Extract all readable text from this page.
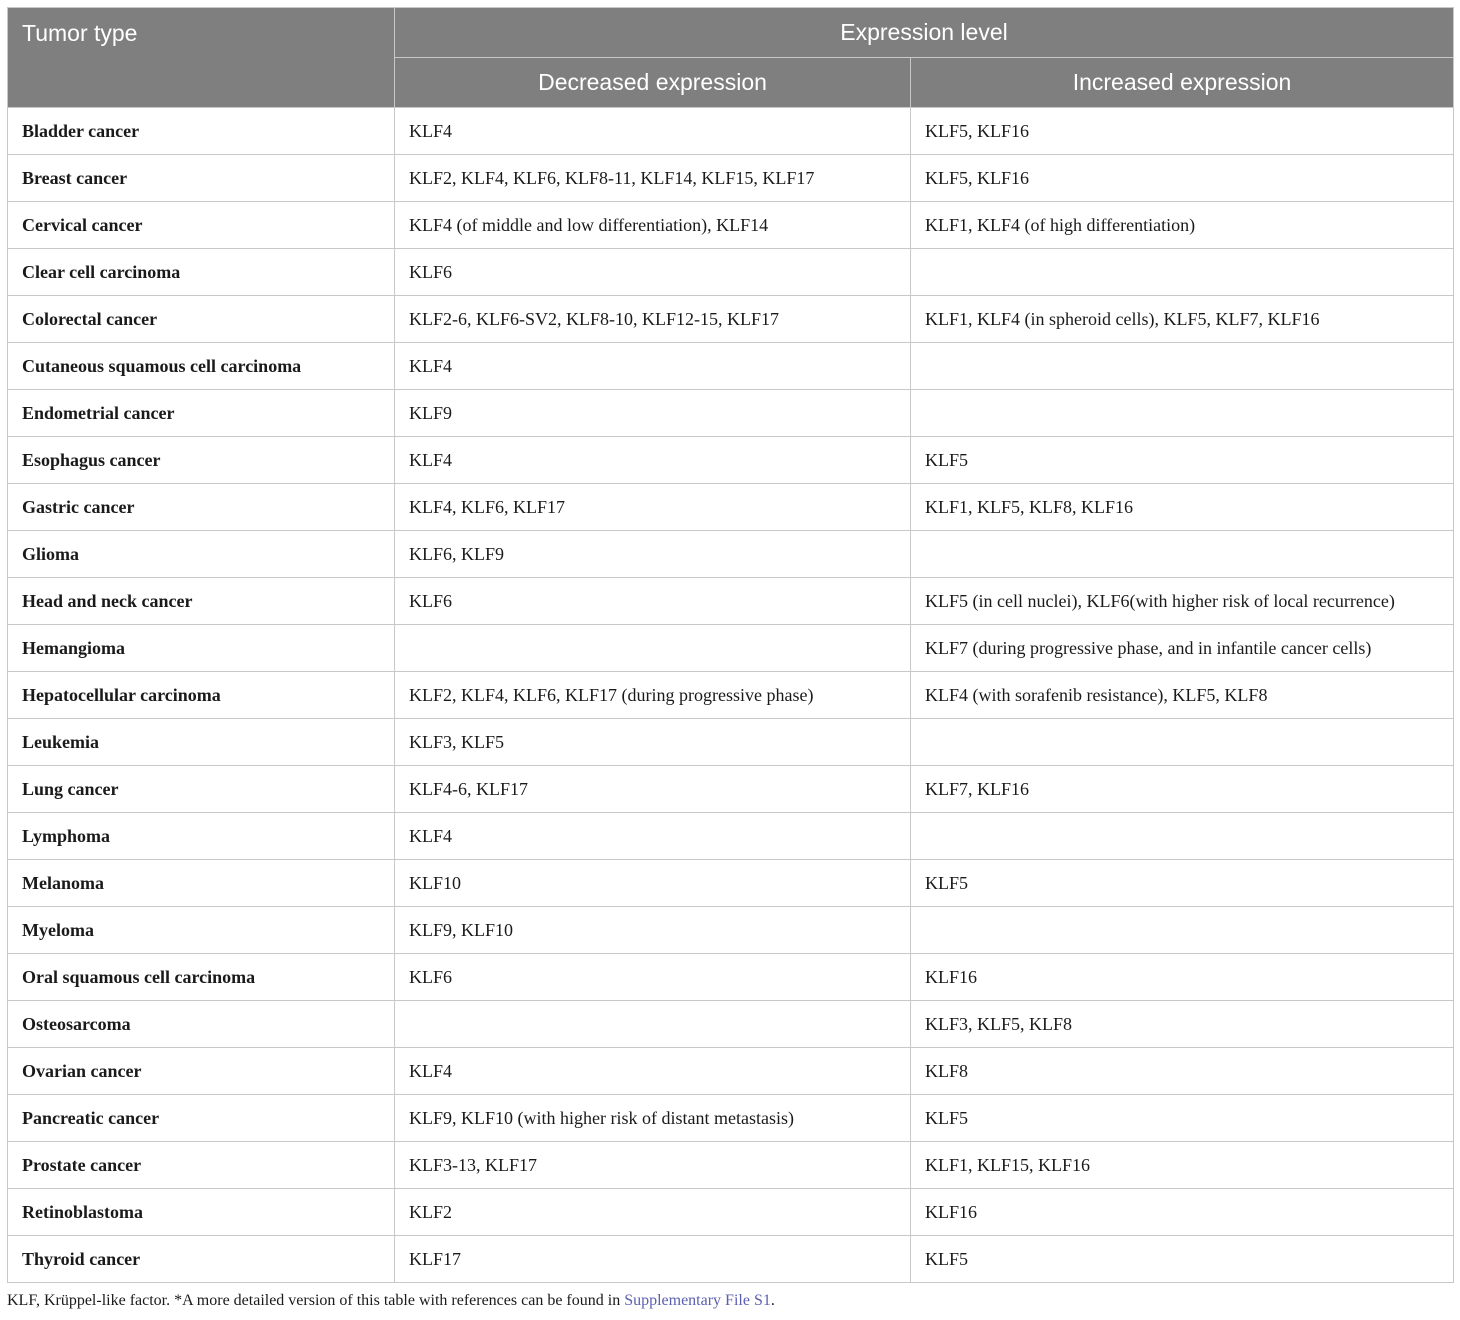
Tumor type	Expression level	
	Decreased expression	Increased expression
Bladder cancer	KLF4	KLF5, KLF16
Breast cancer	KLF2, KLF4, KLF6, KLF8-11, KLF14, KLF15, KLF17	KLF5, KLF16
Cervical cancer	KLF4 (of middle and low differentiation), KLF14	KLF1, KLF4 (of high differentiation)
Clear cell carcinoma	KLF6	
Colorectal cancer	KLF2-6, KLF6-SV2, KLF8-10, KLF12-15, KLF17	KLF1, KLF4 (in spheroid cells), KLF5, KLF7, KLF16
Cutaneous squamous cell carcinoma	KLF4	
Endometrial cancer	KLF9	
Esophagus cancer	KLF4	KLF5
Gastric cancer	KLF4, KLF6, KLF17	KLF1, KLF5, KLF8, KLF16
Glioma	KLF6, KLF9	
Head and neck cancer	KLF6	KLF5 (in cell nuclei), KLF6(with higher risk of local recurrence)
Hemangioma		KLF7 (during progressive phase, and in infantile cancer cells)
Hepatocellular carcinoma	KLF2, KLF4, KLF6, KLF17 (during progressive phase)	KLF4 (with sorafenib resistance), KLF5, KLF8
Leukemia	KLF3, KLF5	
Lung cancer	KLF4-6, KLF17	KLF7, KLF16
Lymphoma	KLF4	
Melanoma	KLF10	KLF5
Myeloma	KLF9, KLF10	
Oral squamous cell carcinoma	KLF6	KLF16
Osteosarcoma		KLF3, KLF5, KLF8
Ovarian cancer	KLF4	KLF8
Pancreatic cancer	KLF9, KLF10 (with higher risk of distant metastasis)	KLF5
Prostate cancer	KLF3-13, KLF17	KLF1, KLF15, KLF16
Retinoblastoma	KLF2	KLF16
Thyroid cancer	KLF17	KLF5
KLF, Krüppel-like factor. *A more detailed version of this table with references can be found in Supplementary File S1.
